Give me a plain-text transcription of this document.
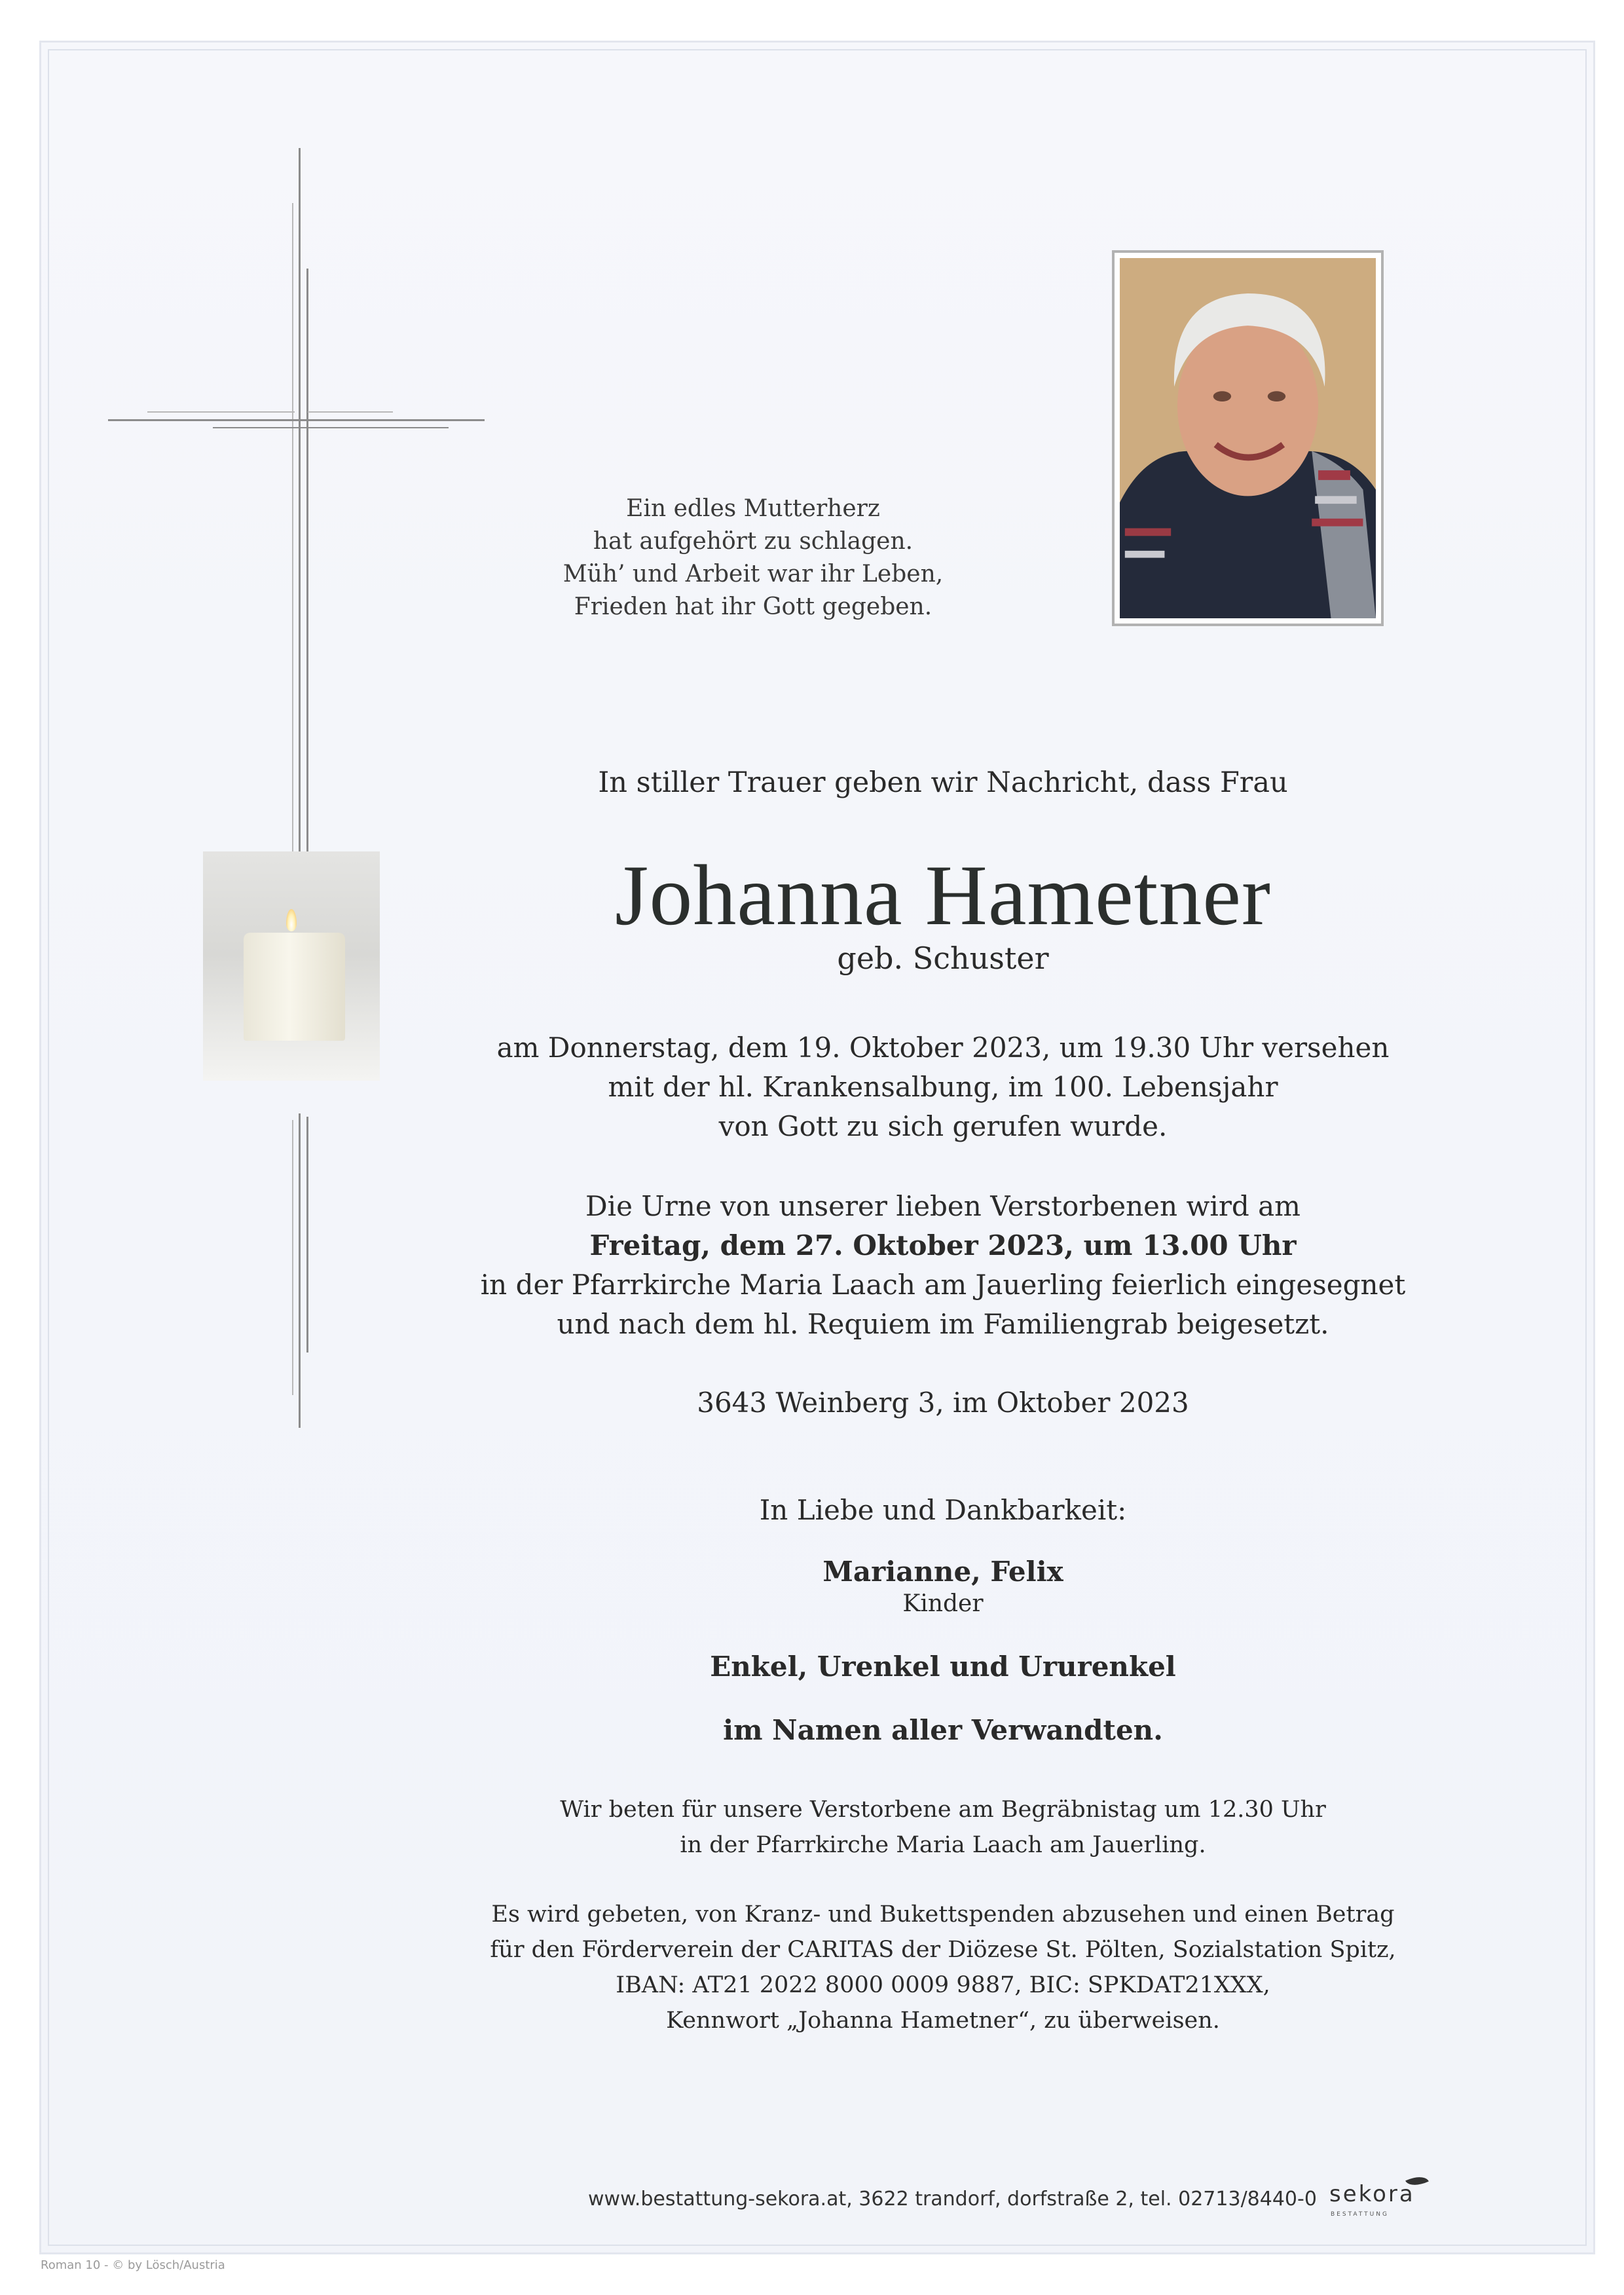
Ein edles Mutterherz
hat aufgehört zu schlagen.
Müh’ und Arbeit war ihr Leben,
Frieden hat ihr Gott gegeben.
In stiller Trauer geben wir Nachricht, dass Frau
Johanna Hametner
geb. Schuster
am Donnerstag, dem 19. Oktober 2023, um 19.30 Uhr versehen
mit der hl. Krankensalbung, im 100. Lebensjahr
von Gott zu sich gerufen wurde.
Die Urne von unserer lieben Verstorbenen wird am
Freitag, dem 27. Oktober 2023, um 13.00 Uhr
in der Pfarrkirche Maria Laach am Jauerling feierlich eingesegnet
und nach dem hl. Requiem im Familiengrab beigesetzt.
3643 Weinberg 3, im Oktober 2023
In Liebe und Dankbarkeit:
Marianne, Felix
Kinder
Enkel, Urenkel und Ururenkel
im Namen aller Verwandten.
Wir beten für unsere Verstorbene am Begräbnistag um 12.30 Uhr
in der Pfarrkirche Maria Laach am Jauerling.
Es wird gebeten, von Kranz- und Bukettspenden abzusehen und einen Betrag
für den Förderverein der CARITAS der Diözese St. Pölten, Sozialstation Spitz,
IBAN: AT21 2022 8000 0009 9887, BIC: SPKDAT21XXX,
Kennwort „Johanna Hametner“, zu überweisen.
www.bestattung-sekora.at, 3622 trandorf, dorfstraße 2, tel. 02713/8440-0 sekora
BESTATTUNG
Roman 10 - © by Lösch/Austria
